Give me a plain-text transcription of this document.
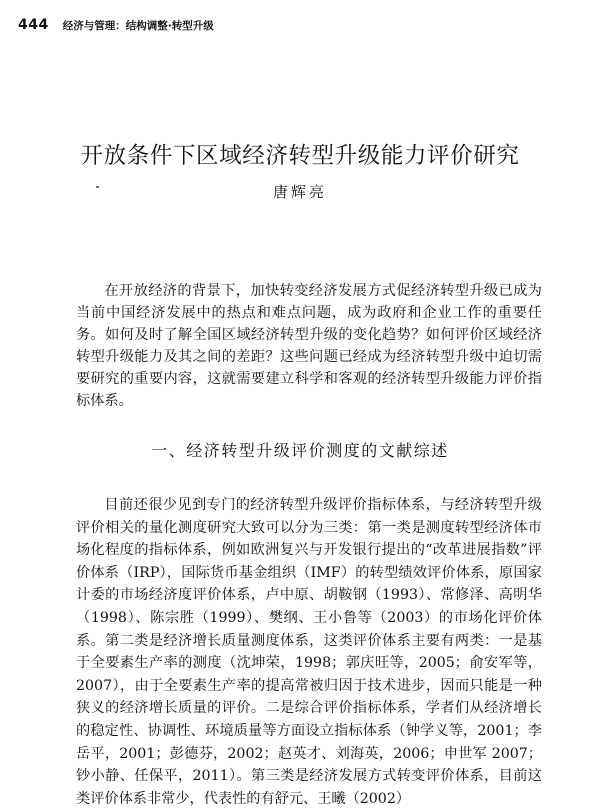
444 经济与管理：结构调整·转型升级
开放条件下区域经济转型升级能力评价研究
唐辉亮

在开放经济的背景下，加快转变经济发展方式促经济转型升级已成为当前中国经济发展中的热点和难点问题，成为政府和企业工作的重要任务。如何及时了解全国区域经济转型升级的变化趋势？如何评价区域经济转型升级能力及其之间的差距？这些问题已经成为经济转型升级中迫切需要研究的重要内容，这就需要建立科学和客观的经济转型升级能力评价指标体系。

一、经济转型升级评价测度的文献综述

目前还很少见到专门的经济转型升级评价指标体系，与经济转型升级评价相关的量化测度研究大致可以分为三类：第一类是测度转型经济体市场化程度的指标体系，例如欧洲复兴与开发银行提出的“改革进展指数”评价体系（IRP），国际货币基金组织（IMF）的转型绩效评价体系，原国家计委的市场经济度评价体系，卢中原、胡鞍钢（1993）、常修泽、高明华（1998）、陈宗胜（1999）、樊纲、王小鲁等（2003）的市场化评价体系。第二类是经济增长质量测度体系，这类评价体系主要有两类：一是基于全要素生产率的测度（沈坤荣，1998；郭庆旺等，2005；俞安军等，2007），由于全要素生产率的提高常被归因于技术进步，因而只能是一种狭义的经济增长质量的评价。二是综合评价指标体系，学者们从经济增长的稳定性、协调性、环境质量等方面设立指标体系（钟学义等，2001；李岳平，2001；彭德芬，2002；赵英才、刘海英，2006；申世军 2007；钞小静、任保平，2011）。第三类是经济发展方式转变评价体系，目前这类评价体系非常少，代表性的有舒元、王曦（2002）
